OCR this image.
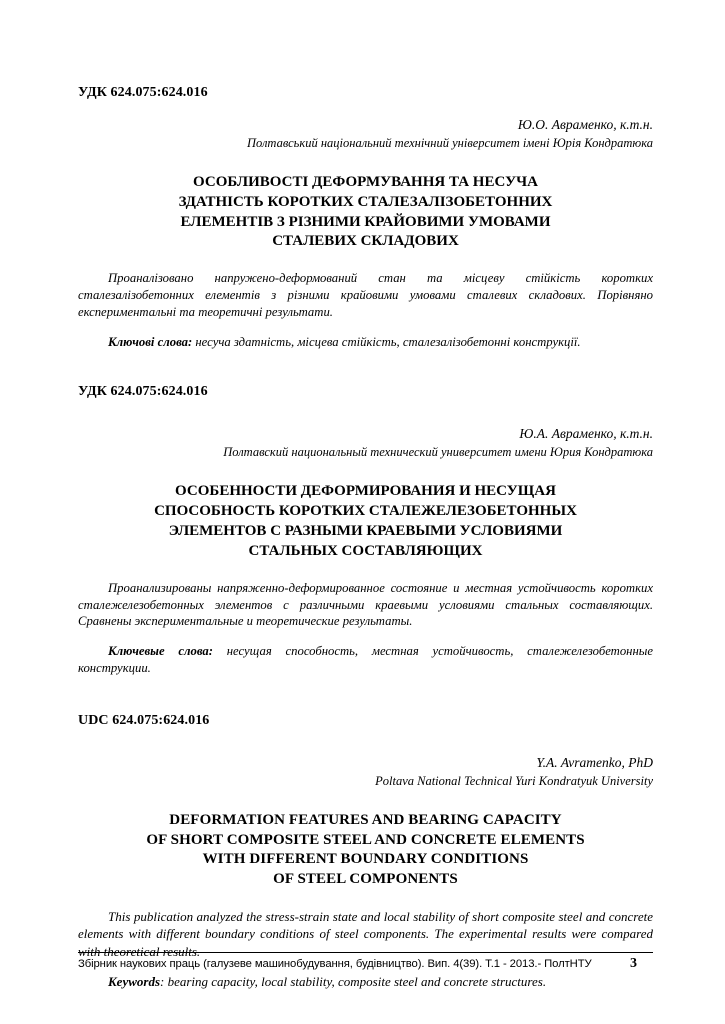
УДК 624.075:624.016

Ю.О. Авраменко, к.т.н.
Полтавський національний технічний університет імені Юрія Кондратюка
ОСОБЛИВОСТІ ДЕФОРМУВАННЯ ТА НЕСУЧА
ЗДАТНІСТЬ КОРОТКИХ СТАЛЕЗАЛІЗОБЕТОННИХ
ЕЛЕМЕНТІВ З РІЗНИМИ КРАЙОВИМИ УМОВАМИ
СТАЛЕВИХ СКЛАДОВИХ

Проаналізовано напружено-деформований стан та місцеву стійкість коротких сталезалізобетонних елементів з різними крайовими умовами сталевих складових. Порівняно експериментальні та теоретичні результати.

Ключові слова: несуча здатність, місцева стійкість, сталезалізобетонні конструкції.

УДК 624.075:624.016

Ю.А. Авраменко, к.т.н.
Полтавский национальный технический университет имени Юрия Кондратюка
ОСОБЕННОСТИ ДЕФОРМИРОВАНИЯ И НЕСУЩАЯ
СПОСОБНОСТЬ КОРОТКИХ СТАЛЕЖЕЛЕЗОБЕТОННЫХ
ЭЛЕМЕНТОВ С РАЗНЫМИ КРАЕВЫМИ УСЛОВИЯМИ
СТАЛЬНЫХ СОСТАВЛЯЮЩИХ

Проанализированы напряженно-деформированное состояние и местная устойчивость коротких сталежелезобетонных элементов с различными краевыми условиями стальных составляющих. Сравнены экспериментальные и теоретические результаты.

Ключевые слова: несущая способность, местная устойчивость, сталежелезобетонные конструкции.

UDC 624.075:624.016

Y.A. Avramenko, PhD
Poltava National Technical Yuri Kondratyuk University
DEFORMATION FEATURES AND BEARING CAPACITY
OF SHORT COMPOSITE STEEL AND CONCRETE ELEMENTS
WITH DIFFERENT BOUNDARY CONDITIONS
OF STEEL COMPONENTS

This publication analyzed the stress-strain state and local stability of short composite steel and concrete elements with different boundary conditions of steel components. The experimental results were compared with theoretical results.

Keywords: bearing capacity, local stability, composite steel and concrete structures.

Збірник наукових праць (галузеве машинобудування, будівництво). Вип. 4(39). Т.1 - 2013.- ПолтНТУ	3
